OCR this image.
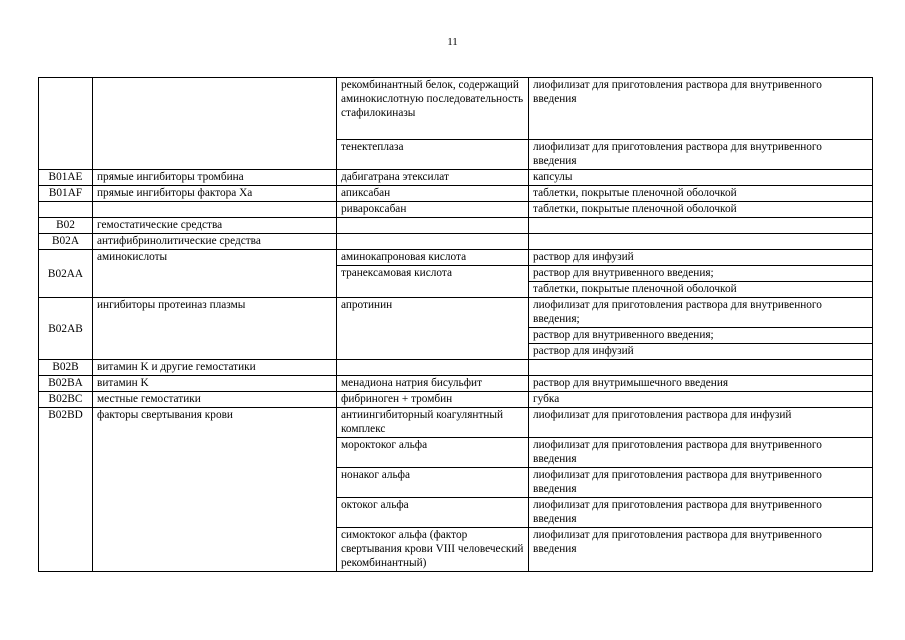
11
		рекомбинантный белок, содержащий аминокислотную последовательность стафилокиназы	лиофилизат для приготовления раствора для внутривенного введения
		тенектеплаза	лиофилизат для приготовления раствора для внутривенного введения
B01AE	прямые ингибиторы тромбина	дабигатрана этексилат	капсулы
B01AF	прямые ингибиторы фактора Xa	апиксабан	таблетки, покрытые пленочной оболочкой
		ривароксабан	таблетки, покрытые пленочной оболочкой
B02	гемостатические средства		
B02A	антифибринолитические средства		
B02AA	аминокислоты	аминокапроновая кислота	раствор для инфузий
		транексамовая кислота	раствор для внутривенного введения;
			таблетки, покрытые пленочной оболочкой
B02AB	ингибиторы протеиназ плазмы	апротинин	лиофилизат для приготовления раствора для внутривенного введения;
			раствор для внутривенного введения;
			раствор для инфузий
B02B	витамин K и другие гемостатики		
B02BA	витамин K	менадиона натрия бисульфит	раствор для внутримышечного введения
B02BC	местные гемостатики	фибриноген + тромбин	губка
B02BD	факторы свертывания крови	антиингибиторный коагулянтный комплекс	лиофилизат для приготовления раствора для инфузий
		мороктоког альфа	лиофилизат для приготовления раствора для внутривенного введения
		нонаког альфа	лиофилизат для приготовления раствора для внутривенного введения
		октоког альфа	лиофилизат для приготовления раствора для внутривенного введения
		симоктоког альфа (фактор свертывания крови VIII человеческий рекомбинантный)	лиофилизат для приготовления раствора для внутривенного введения
